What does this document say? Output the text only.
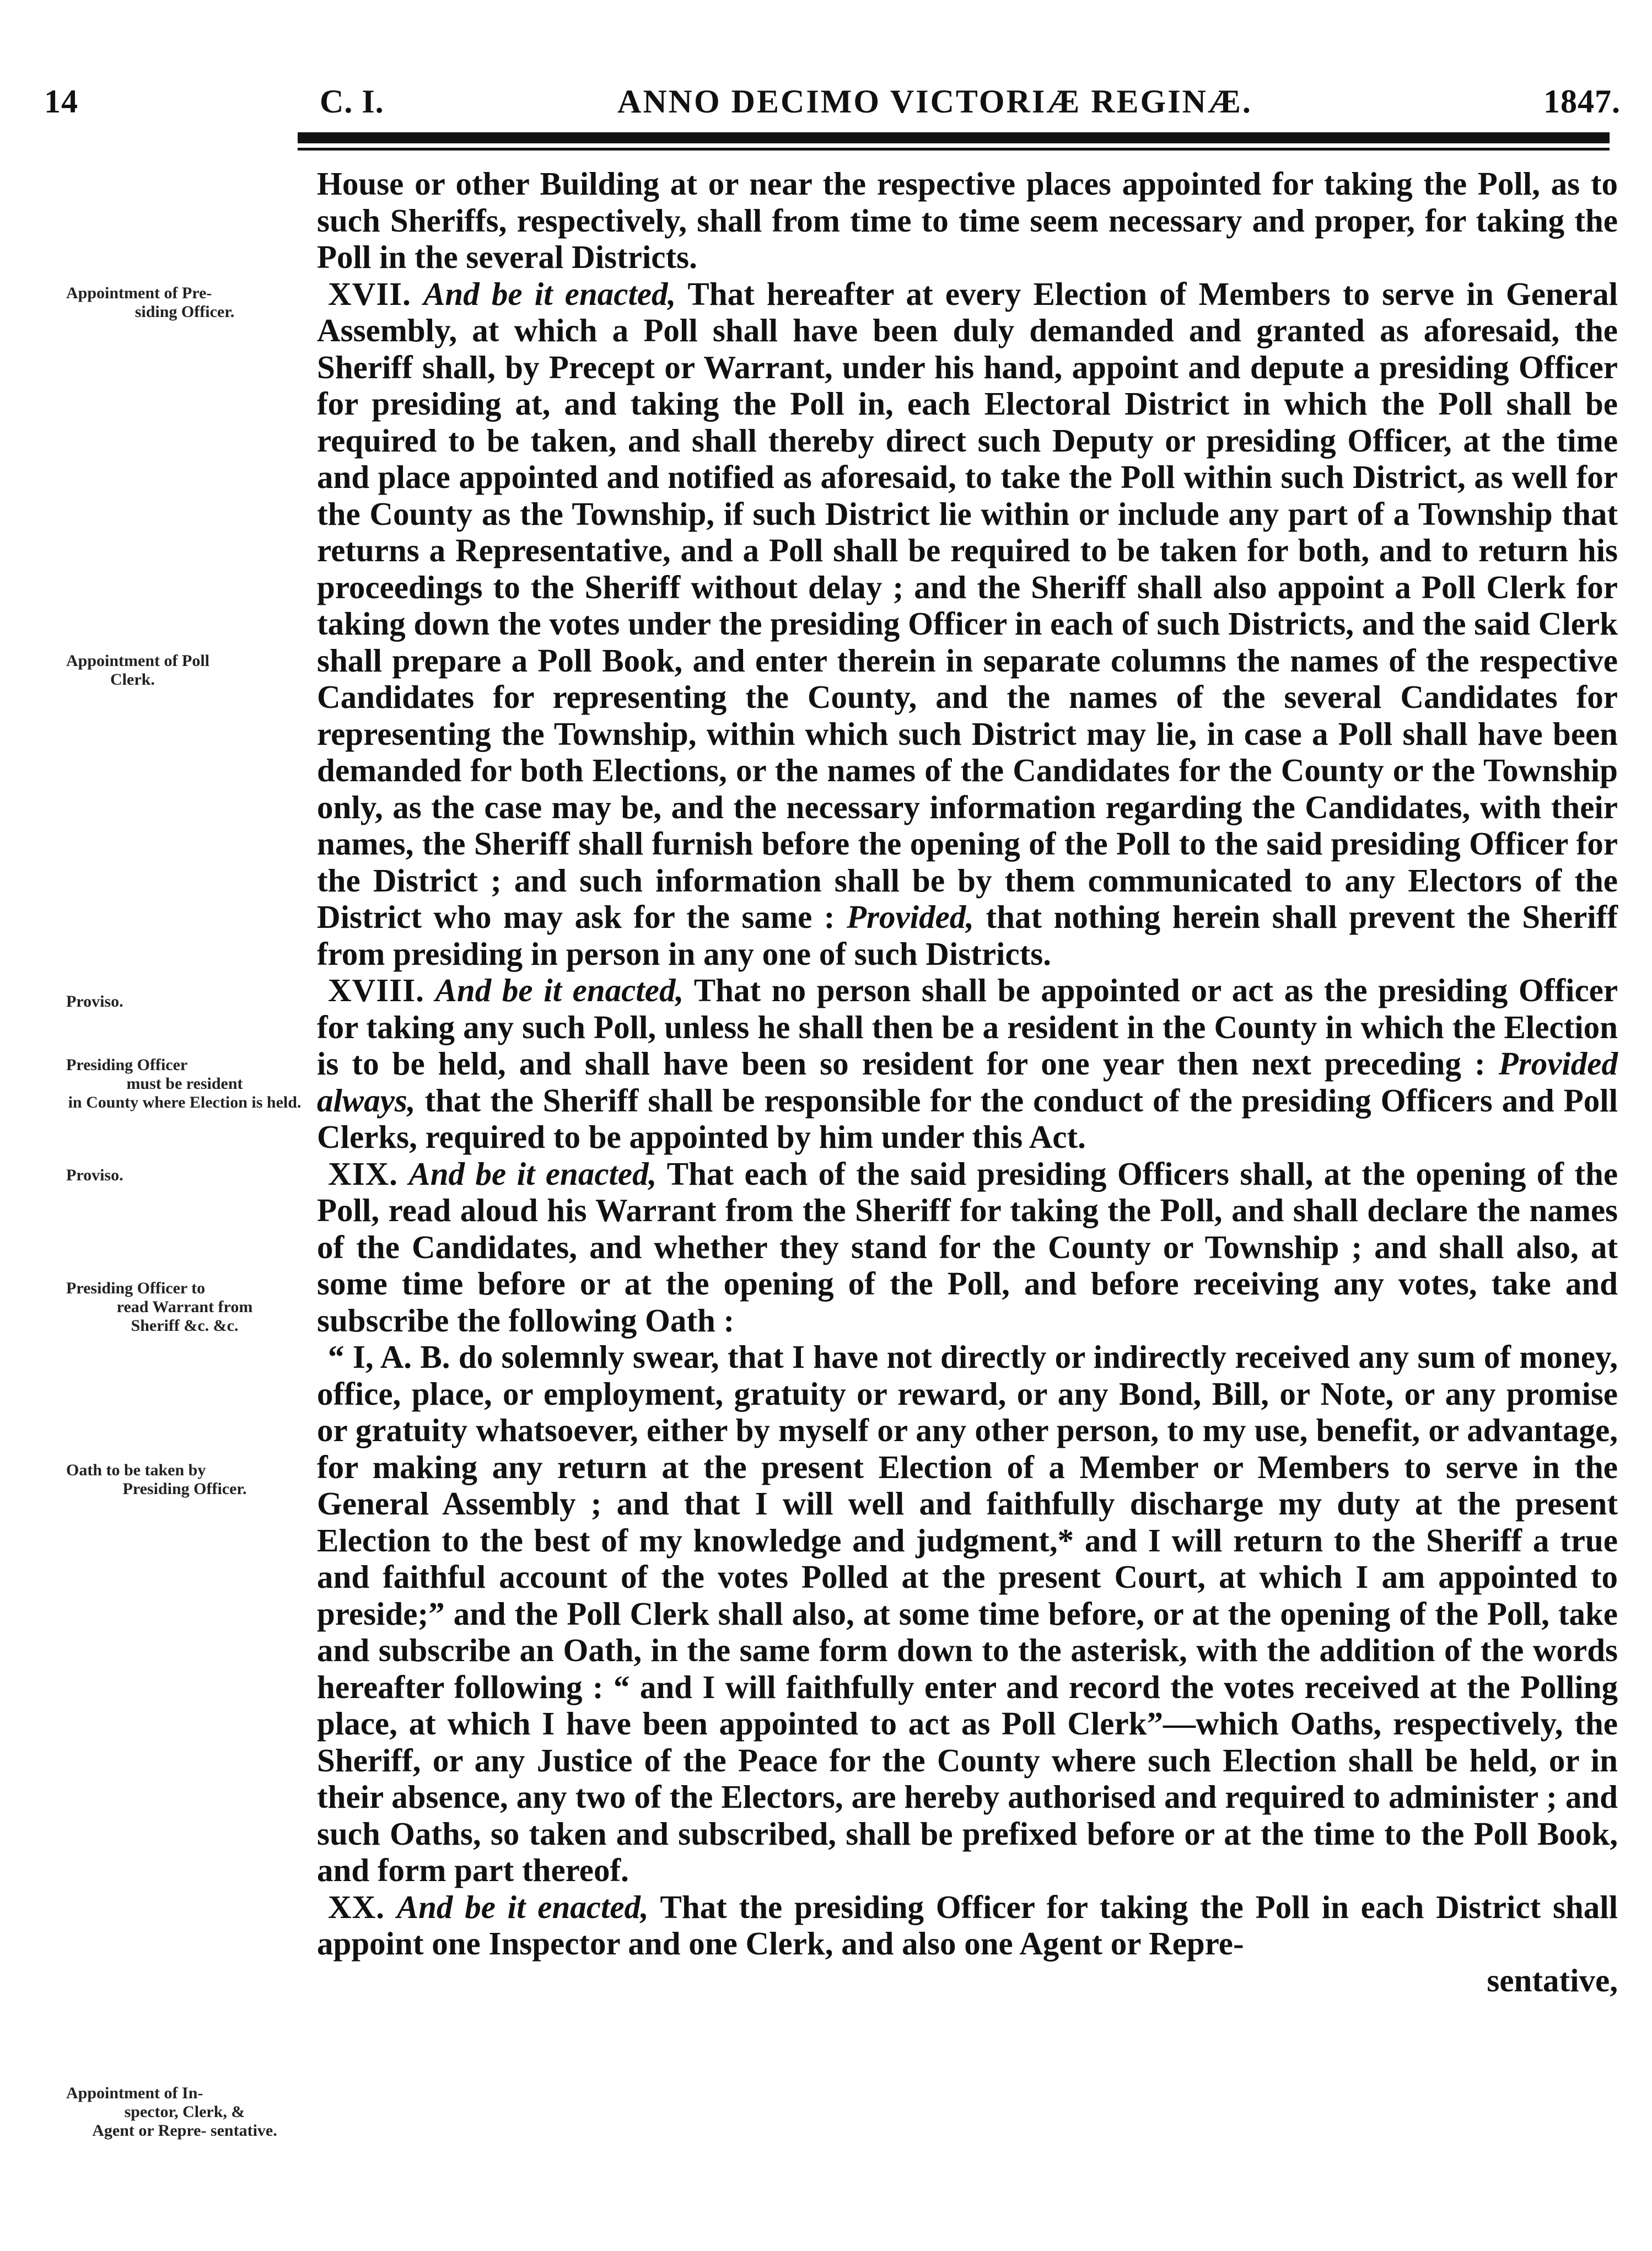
14	C. I.	ANNO DECIMO VICTORIÆ REGINÆ.	1847.
Appointment of Pre-
siding Officer.
Appointment of Poll
Clerk.
Proviso.
Presiding Officer
must be resident
in County where Election is held.
Proviso.
Presiding Officer to
read Warrant from
Sheriff &c. &c.
Oath to be taken by
Presiding Officer.
Appointment of In-
spector, Clerk, &
Agent or Repre- sentative.

House or other Building at or near the respective places appointed for taking the Poll, as to such Sheriffs, respectively, shall from time to time seem necessary and proper, for taking the Poll in the several Districts.

XVII. And be it enacted, That hereafter at every Election of Members to serve in General Assembly, at which a Poll shall have been duly demanded and granted as aforesaid, the Sheriff shall, by Precept or Warrant, under his hand, appoint and depute a presiding Officer for presiding at, and taking the Poll in, each Electoral District in which the Poll shall be required to be taken, and shall thereby direct such Deputy or presiding Officer, at the time and place appointed and notified as aforesaid, to take the Poll within such District, as well for the County as the Township, if such District lie within or include any part of a Township that returns a Representative, and a Poll shall be required to be taken for both, and to return his proceedings to the Sheriff without delay ; and the Sheriff shall also appoint a Poll Clerk for taking down the votes under the presiding Officer in each of such Districts, and the said Clerk shall prepare a Poll Book, and enter therein in separate columns the names of the respective Candidates for representing the County, and the names of the several Candidates for representing the Township, within which such District may lie, in case a Poll shall have been demanded for both Elections, or the names of the Candidates for the County or the Township only, as the case may be, and the necessary information regarding the Candidates, with their names, the Sheriff shall furnish before the opening of the Poll to the said presiding Officer for the District ; and such information shall be by them communicated to any Electors of the District who may ask for the same : Provided, that nothing herein shall prevent the Sheriff from presiding in person in any one of such Districts.

XVIII. And be it enacted, That no person shall be appointed or act as the presiding Officer for taking any such Poll, unless he shall then be a resident in the County in which the Election is to be held, and shall have been so resident for one year then next preceding : Provided always, that the Sheriff shall be responsible for the conduct of the presiding Officers and Poll Clerks, required to be appointed by him under this Act.

XIX. And be it enacted, That each of the said presiding Officers shall, at the opening of the Poll, read aloud his Warrant from the Sheriff for taking the Poll, and shall declare the names of the Candidates, and whether they stand for the County or Township ; and shall also, at some time before or at the opening of the Poll, and before receiving any votes, take and subscribe the following Oath :

“ I, A. B. do solemnly swear, that I have not directly or indirectly received any sum of money, office, place, or employment, gratuity or reward, or any Bond, Bill, or Note, or any promise or gratuity whatsoever, either by myself or any other person, to my use, benefit, or advantage, for making any return at the present Election of a Member or Members to serve in the General Assembly ; and that I will well and faithfully discharge my duty at the present Election to the best of my knowledge and judgment,* and I will return to the Sheriff a true and faithful account of the votes Polled at the present Court, at which I am appointed to preside;” and the Poll Clerk shall also, at some time before, or at the opening of the Poll, take and subscribe an Oath, in the same form down to the asterisk, with the addition of the words hereafter following : “ and I will faithfully enter and record the votes received at the Polling place, at which I have been appointed to act as Poll Clerk”—which Oaths, respectively, the Sheriff, or any Justice of the Peace for the County where such Election shall be held, or in their absence, any two of the Electors, are hereby authorised and required to administer ; and such Oaths, so taken and subscribed, shall be prefixed before or at the time to the Poll Book, and form part thereof.

XX. And be it enacted, That the presiding Officer for taking the Poll in each District shall appoint one Inspector and one Clerk, and also one Agent or Repre-

sentative,
